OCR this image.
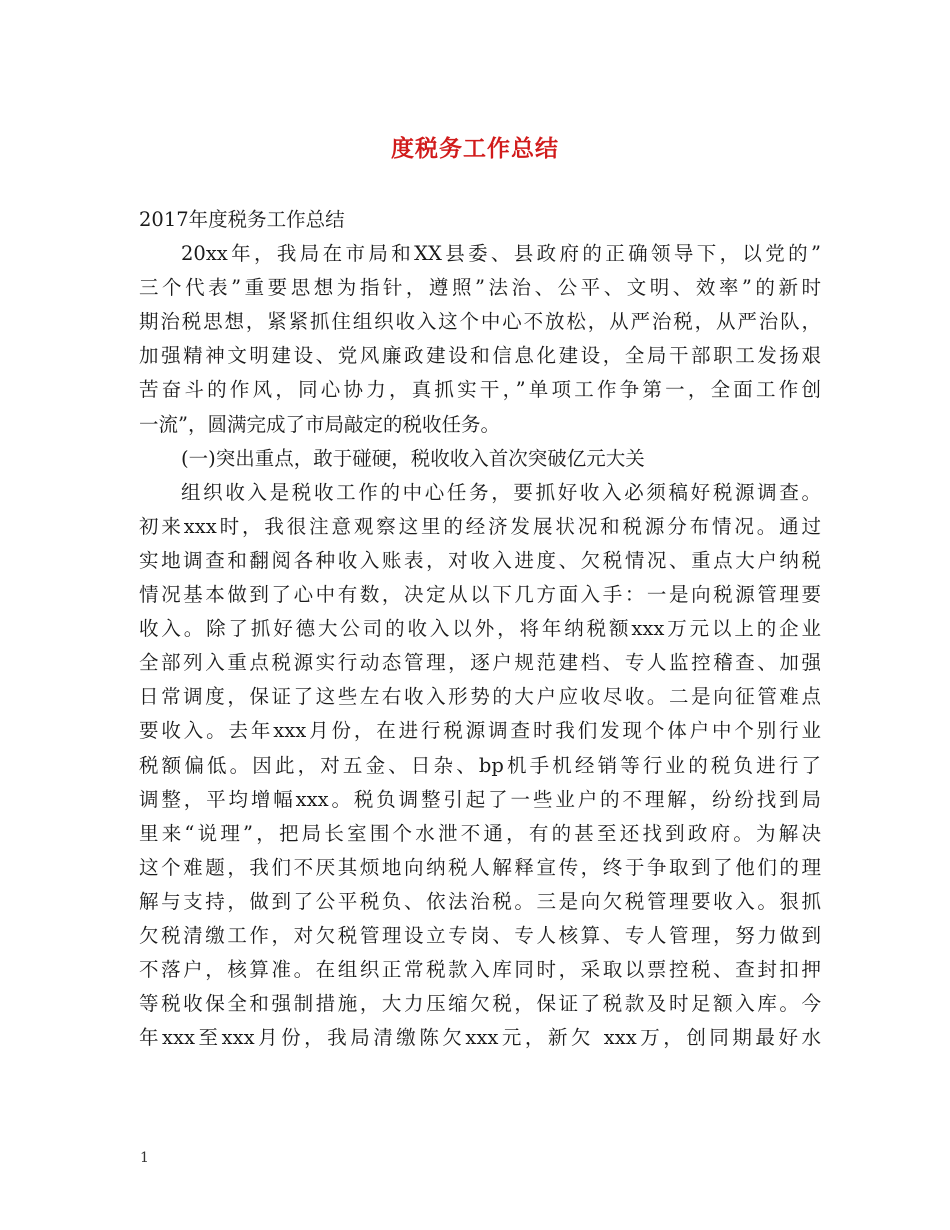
度税务工作总结
2017年度税务工作总结
20xx年，我局在市局和XX县委、县政府的正确领导下，以党的”
三个代表”重要思想为指针，遵照”法治、公平、文明、效率”的新时
期治税思想，紧紧抓住组织收入这个中心不放松，从严治税，从严治队，
加强精神文明建设、党风廉政建设和信息化建设，全局干部职工发扬艰
苦奋斗的作风，同心协力，真抓实干，”单项工作争第一，全面工作创
一流”，圆满完成了市局敲定的税收任务。
(一)突出重点，敢于碰硬，税收收入首次突破亿元大关
组织收入是税收工作的中心任务，要抓好收入必须稿好税源调查。
初来xxx时，我很注意观察这里的经济发展状况和税源分布情况。通过
实地调查和翻阅各种收入账表，对收入进度、欠税情况、重点大户纳税
情况基本做到了心中有数，决定从以下几方面入手：一是向税源管理要
收入。除了抓好德大公司的收入以外，将年纳税额xxx万元以上的企业
全部列入重点税源实行动态管理，逐户规范建档、专人监控稽查、加强
日常调度，保证了这些左右收入形势的大户应收尽收。二是向征管难点
要收入。去年xxx月份，在进行税源调查时我们发现个体户中个别行业
税额偏低。因此，对五金、日杂、bp机手机经销等行业的税负进行了
调整，平均增幅xxx。税负调整引起了一些业户的不理解，纷纷找到局
里来“说理”，把局长室围个水泄不通，有的甚至还找到政府。为解决
这个难题，我们不厌其烦地向纳税人解释宣传，终于争取到了他们的理
解与支持，做到了公平税负、依法治税。三是向欠税管理要收入。狠抓
欠税清缴工作，对欠税管理设立专岗、专人核算、专人管理，努力做到
不落户，核算准。在组织正常税款入库同时，采取以票控税、查封扣押
等税收保全和强制措施，大力压缩欠税，保证了税款及时足额入库。今
年xxx至xxx月份，我局清缴陈欠xxx元，新欠 xxx万，创同期最好水
1
